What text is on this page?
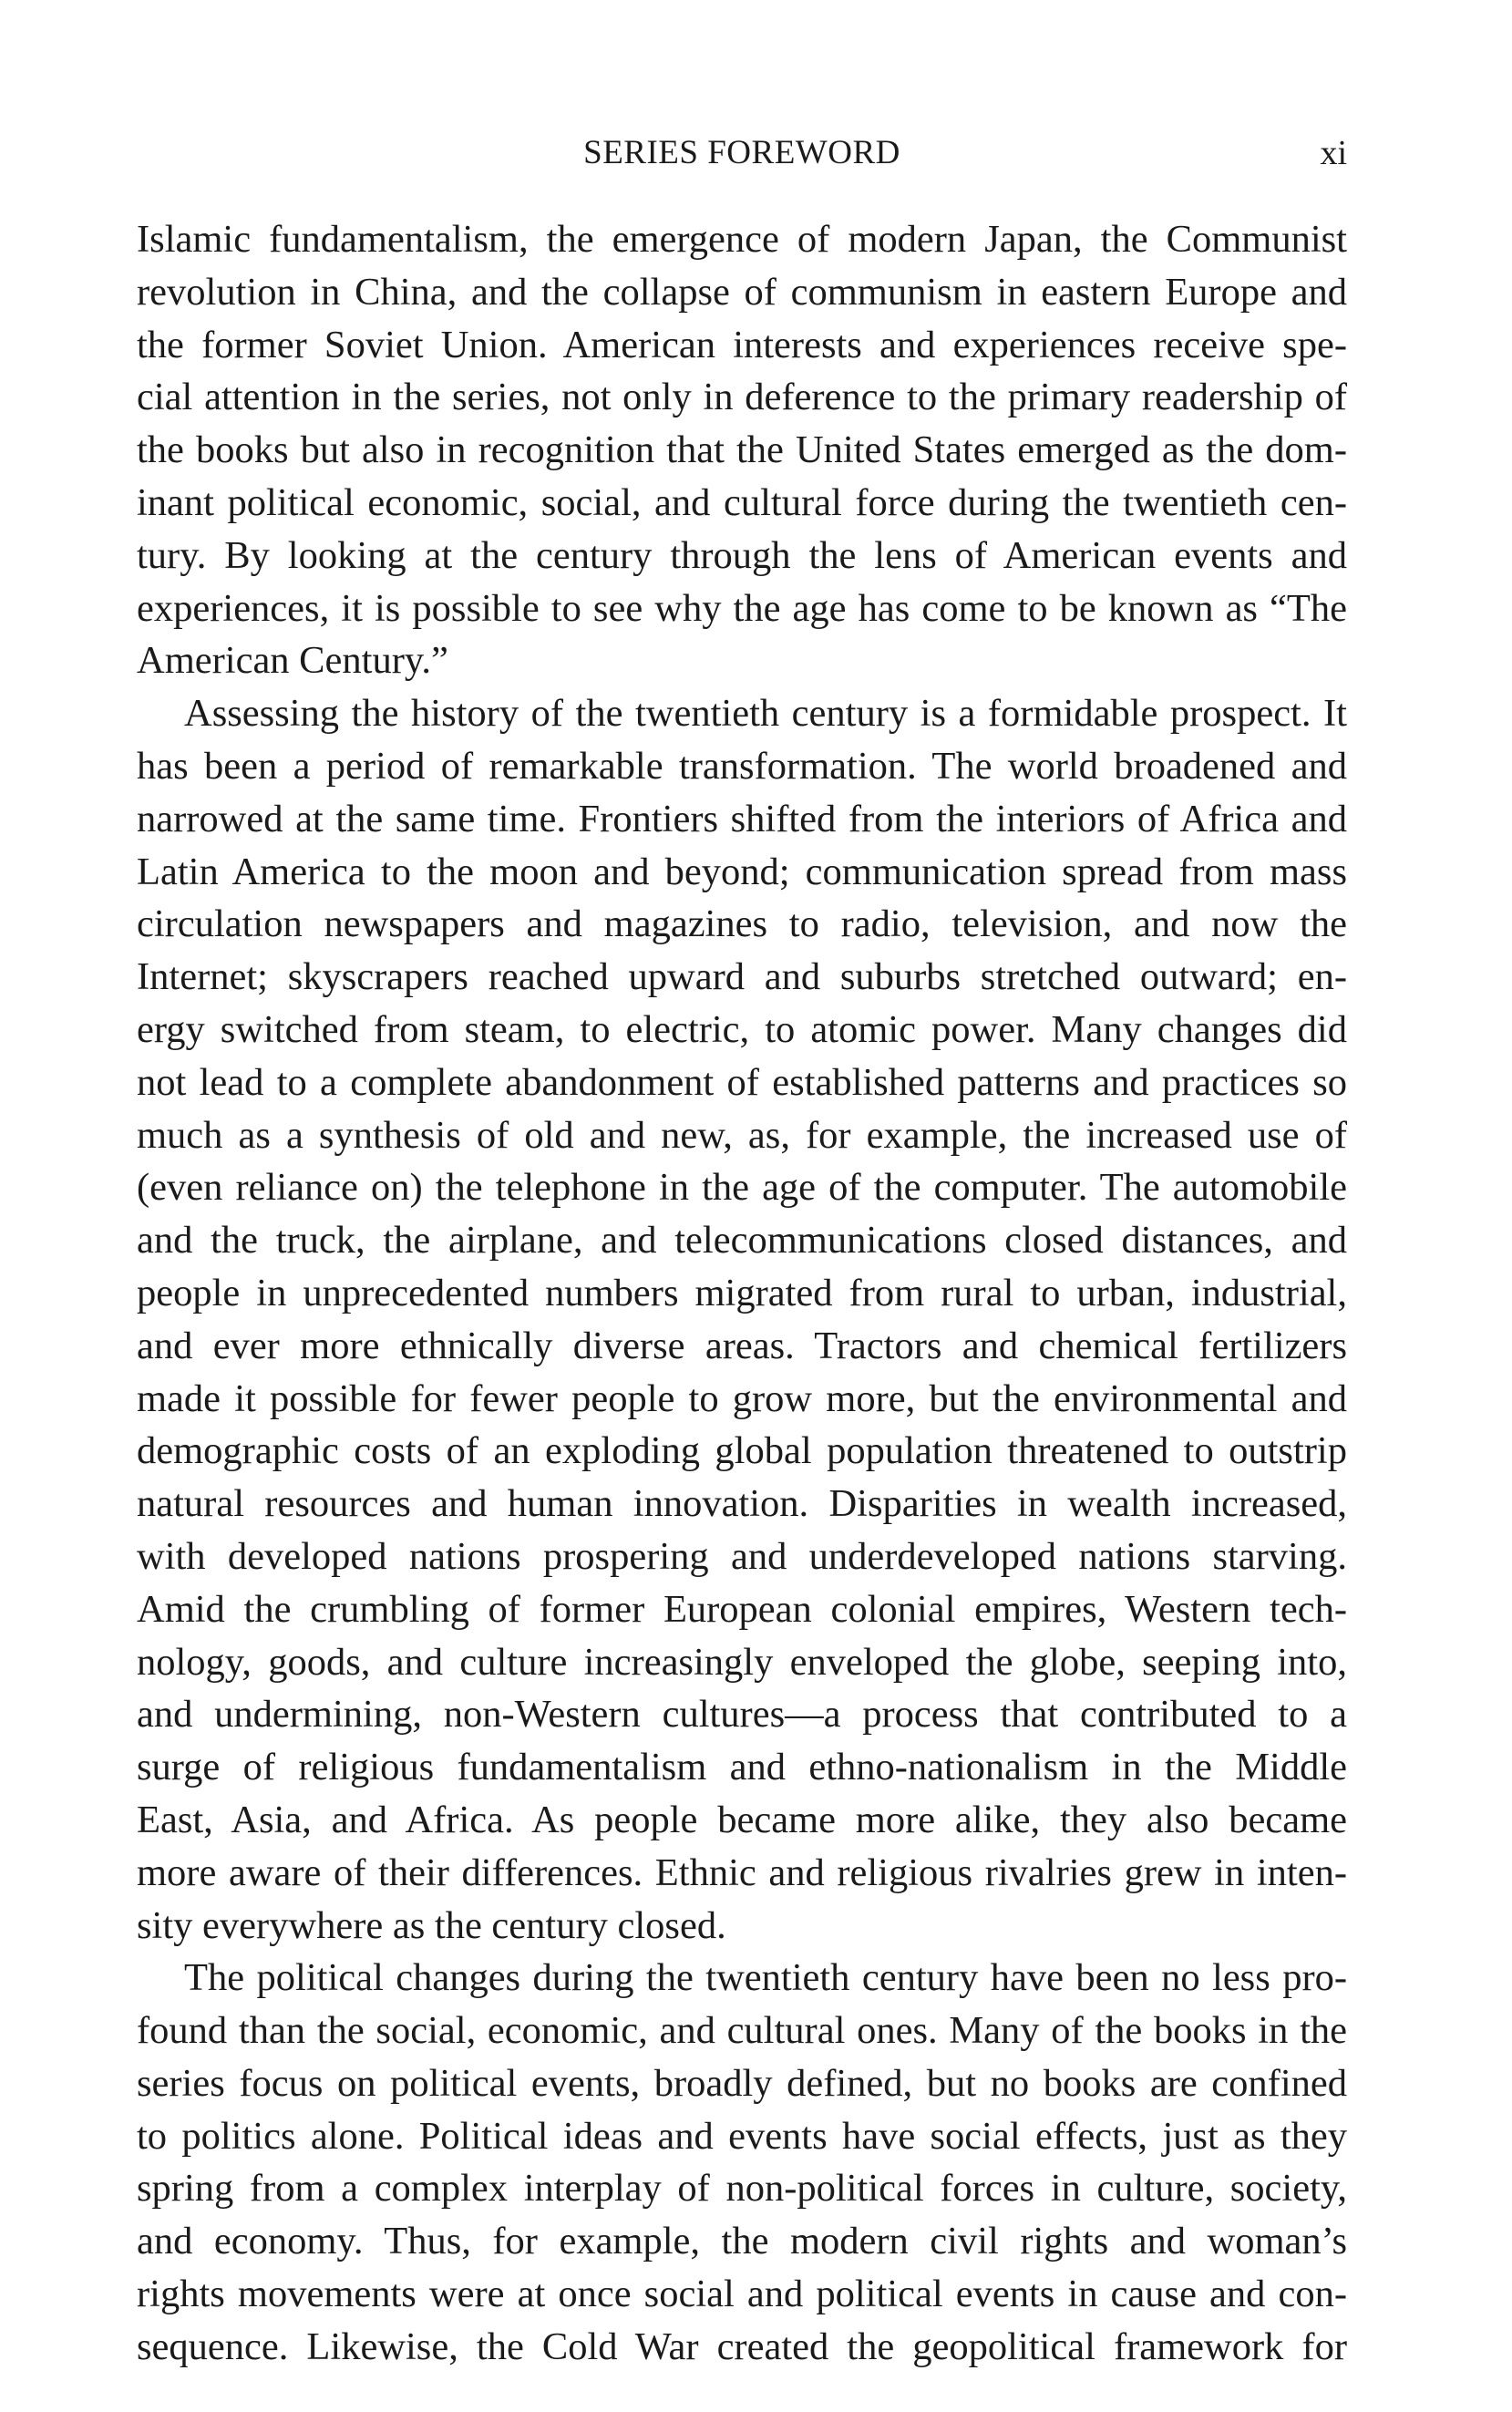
SERIES FOREWORD	xi

Islamic fundamentalism, the emergence of modern Japan, the Communist
revolution in China, and the collapse of communism in eastern Europe and
the former Soviet Union. American interests and experiences receive spe-
cial attention in the series, not only in deference to the primary readership of
the books but also in recognition that the United States emerged as the dom-
inant political economic, social, and cultural force during the twentieth cen-
tury. By looking at the century through the lens of American events and
experiences, it is possible to see why the age has come to be known as “The
American Century.”

Assessing the history of the twentieth century is a formidable prospect. It
has been a period of remarkable transformation. The world broadened and
narrowed at the same time. Frontiers shifted from the interiors of Africa and
Latin America to the moon and beyond; communication spread from mass
circulation newspapers and magazines to radio, television, and now the
Internet; skyscrapers reached upward and suburbs stretched outward; en-
ergy switched from steam, to electric, to atomic power. Many changes did
not lead to a complete abandonment of established patterns and practices so
much as a synthesis of old and new, as, for example, the increased use of
(even reliance on) the telephone in the age of the computer. The automobile
and the truck, the airplane, and telecommunications closed distances, and
people in unprecedented numbers migrated from rural to urban, industrial,
and ever more ethnically diverse areas. Tractors and chemical fertilizers
made it possible for fewer people to grow more, but the environmental and
demographic costs of an exploding global population threatened to outstrip
natural resources and human innovation. Disparities in wealth increased,
with developed nations prospering and underdeveloped nations starving.
Amid the crumbling of former European colonial empires, Western tech-
nology, goods, and culture increasingly enveloped the globe, seeping into,
and undermining, non-Western cultures—a process that contributed to a
surge of religious fundamentalism and ethno-nationalism in the Middle
East, Asia, and Africa. As people became more alike, they also became
more aware of their differences. Ethnic and religious rivalries grew in inten-
sity everywhere as the century closed.

The political changes during the twentieth century have been no less pro-
found than the social, economic, and cultural ones. Many of the books in the
series focus on political events, broadly defined, but no books are confined
to politics alone. Political ideas and events have social effects, just as they
spring from a complex interplay of non-political forces in culture, society,
and economy. Thus, for example, the modern civil rights and woman’s
rights movements were at once social and political events in cause and con-
sequence. Likewise, the Cold War created the geopolitical framework for
